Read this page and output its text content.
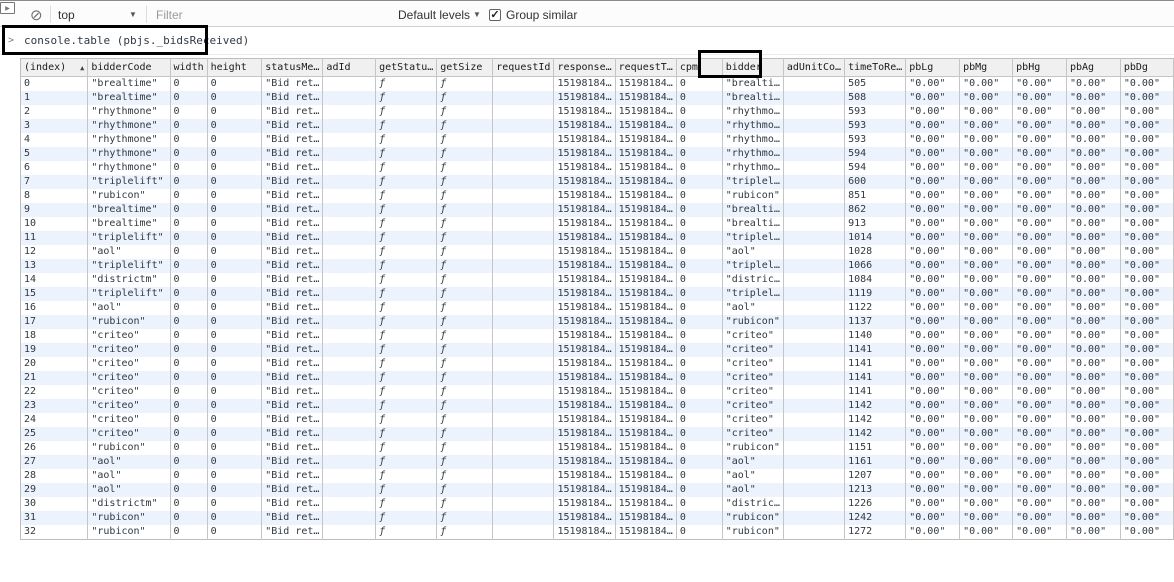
▶ ⊘ top	▼
Filter	Default levels ▼ ✓ Group similar
> console.table (pbjs._bidsReceived)
(index) ▲	bidderCode	width	height	statusMe…	adId	getStatu…	getSize	requestId	response…	requestT…	cpm	bidder	adUnitCo…	timeToRe…	pbLg	pbMg	pbHg	pbAg	pbDg
0	"brealtime"	0	0	"Bid ret…		ƒ	ƒ		15198184…	15198184…	0	"brealti…		505	"0.00"	"0.00"	"0.00"	"0.00"	"0.00"
1	"brealtime"	0	0	"Bid ret…		ƒ	ƒ		15198184…	15198184…	0	"brealti…		508	"0.00"	"0.00"	"0.00"	"0.00"	"0.00"
2	"rhythmone"	0	0	"Bid ret…		ƒ	ƒ		15198184…	15198184…	0	"rhythmo…		593	"0.00"	"0.00"	"0.00"	"0.00"	"0.00"
3	"rhythmone"	0	0	"Bid ret…		ƒ	ƒ		15198184…	15198184…	0	"rhythmo…		593	"0.00"	"0.00"	"0.00"	"0.00"	"0.00"
4	"rhythmone"	0	0	"Bid ret…		ƒ	ƒ		15198184…	15198184…	0	"rhythmo…		593	"0.00"	"0.00"	"0.00"	"0.00"	"0.00"
5	"rhythmone"	0	0	"Bid ret…		ƒ	ƒ		15198184…	15198184…	0	"rhythmo…		594	"0.00"	"0.00"	"0.00"	"0.00"	"0.00"
6	"rhythmone"	0	0	"Bid ret…		ƒ	ƒ		15198184…	15198184…	0	"rhythmo…		594	"0.00"	"0.00"	"0.00"	"0.00"	"0.00"
7	"triplelift"	0	0	"Bid ret…		ƒ	ƒ		15198184…	15198184…	0	"triplel…		600	"0.00"	"0.00"	"0.00"	"0.00"	"0.00"
8	"rubicon"	0	0	"Bid ret…		ƒ	ƒ		15198184…	15198184…	0	"rubicon"		851	"0.00"	"0.00"	"0.00"	"0.00"	"0.00"
9	"brealtime"	0	0	"Bid ret…		ƒ	ƒ		15198184…	15198184…	0	"brealti…		862	"0.00"	"0.00"	"0.00"	"0.00"	"0.00"
10	"brealtime"	0	0	"Bid ret…		ƒ	ƒ		15198184…	15198184…	0	"brealti…		913	"0.00"	"0.00"	"0.00"	"0.00"	"0.00"
11	"triplelift"	0	0	"Bid ret…		ƒ	ƒ		15198184…	15198184…	0	"triplel…		1014	"0.00"	"0.00"	"0.00"	"0.00"	"0.00"
12	"aol"	0	0	"Bid ret…		ƒ	ƒ		15198184…	15198184…	0	"aol"		1028	"0.00"	"0.00"	"0.00"	"0.00"	"0.00"
13	"triplelift"	0	0	"Bid ret…		ƒ	ƒ		15198184…	15198184…	0	"triplel…		1066	"0.00"	"0.00"	"0.00"	"0.00"	"0.00"
14	"districtm"	0	0	"Bid ret…		ƒ	ƒ		15198184…	15198184…	0	"distric…		1084	"0.00"	"0.00"	"0.00"	"0.00"	"0.00"
15	"triplelift"	0	0	"Bid ret…		ƒ	ƒ		15198184…	15198184…	0	"triplel…		1119	"0.00"	"0.00"	"0.00"	"0.00"	"0.00"
16	"aol"	0	0	"Bid ret…		ƒ	ƒ		15198184…	15198184…	0	"aol"		1122	"0.00"	"0.00"	"0.00"	"0.00"	"0.00"
17	"rubicon"	0	0	"Bid ret…		ƒ	ƒ		15198184…	15198184…	0	"rubicon"		1137	"0.00"	"0.00"	"0.00"	"0.00"	"0.00"
18	"criteo"	0	0	"Bid ret…		ƒ	ƒ		15198184…	15198184…	0	"criteo"		1140	"0.00"	"0.00"	"0.00"	"0.00"	"0.00"
19	"criteo"	0	0	"Bid ret…		ƒ	ƒ		15198184…	15198184…	0	"criteo"		1141	"0.00"	"0.00"	"0.00"	"0.00"	"0.00"
20	"criteo"	0	0	"Bid ret…		ƒ	ƒ		15198184…	15198184…	0	"criteo"		1141	"0.00"	"0.00"	"0.00"	"0.00"	"0.00"
21	"criteo"	0	0	"Bid ret…		ƒ	ƒ		15198184…	15198184…	0	"criteo"		1141	"0.00"	"0.00"	"0.00"	"0.00"	"0.00"
22	"criteo"	0	0	"Bid ret…		ƒ	ƒ		15198184…	15198184…	0	"criteo"		1141	"0.00"	"0.00"	"0.00"	"0.00"	"0.00"
23	"criteo"	0	0	"Bid ret…		ƒ	ƒ		15198184…	15198184…	0	"criteo"		1142	"0.00"	"0.00"	"0.00"	"0.00"	"0.00"
24	"criteo"	0	0	"Bid ret…		ƒ	ƒ		15198184…	15198184…	0	"criteo"		1142	"0.00"	"0.00"	"0.00"	"0.00"	"0.00"
25	"criteo"	0	0	"Bid ret…		ƒ	ƒ		15198184…	15198184…	0	"criteo"		1142	"0.00"	"0.00"	"0.00"	"0.00"	"0.00"
26	"rubicon"	0	0	"Bid ret…		ƒ	ƒ		15198184…	15198184…	0	"rubicon"		1151	"0.00"	"0.00"	"0.00"	"0.00"	"0.00"
27	"aol"	0	0	"Bid ret…		ƒ	ƒ		15198184…	15198184…	0	"aol"		1161	"0.00"	"0.00"	"0.00"	"0.00"	"0.00"
28	"aol"	0	0	"Bid ret…		ƒ	ƒ		15198184…	15198184…	0	"aol"		1207	"0.00"	"0.00"	"0.00"	"0.00"	"0.00"
29	"aol"	0	0	"Bid ret…		ƒ	ƒ		15198184…	15198184…	0	"aol"		1213	"0.00"	"0.00"	"0.00"	"0.00"	"0.00"
30	"districtm"	0	0	"Bid ret…		ƒ	ƒ		15198184…	15198184…	0	"distric…		1226	"0.00"	"0.00"	"0.00"	"0.00"	"0.00"
31	"rubicon"	0	0	"Bid ret…		ƒ	ƒ		15198184…	15198184…	0	"rubicon"		1242	"0.00"	"0.00"	"0.00"	"0.00"	"0.00"
32	"rubicon"	0	0	"Bid ret…		ƒ	ƒ		15198184…	15198184…	0	"rubicon"		1272	"0.00"	"0.00"	"0.00"	"0.00"	"0.00"
